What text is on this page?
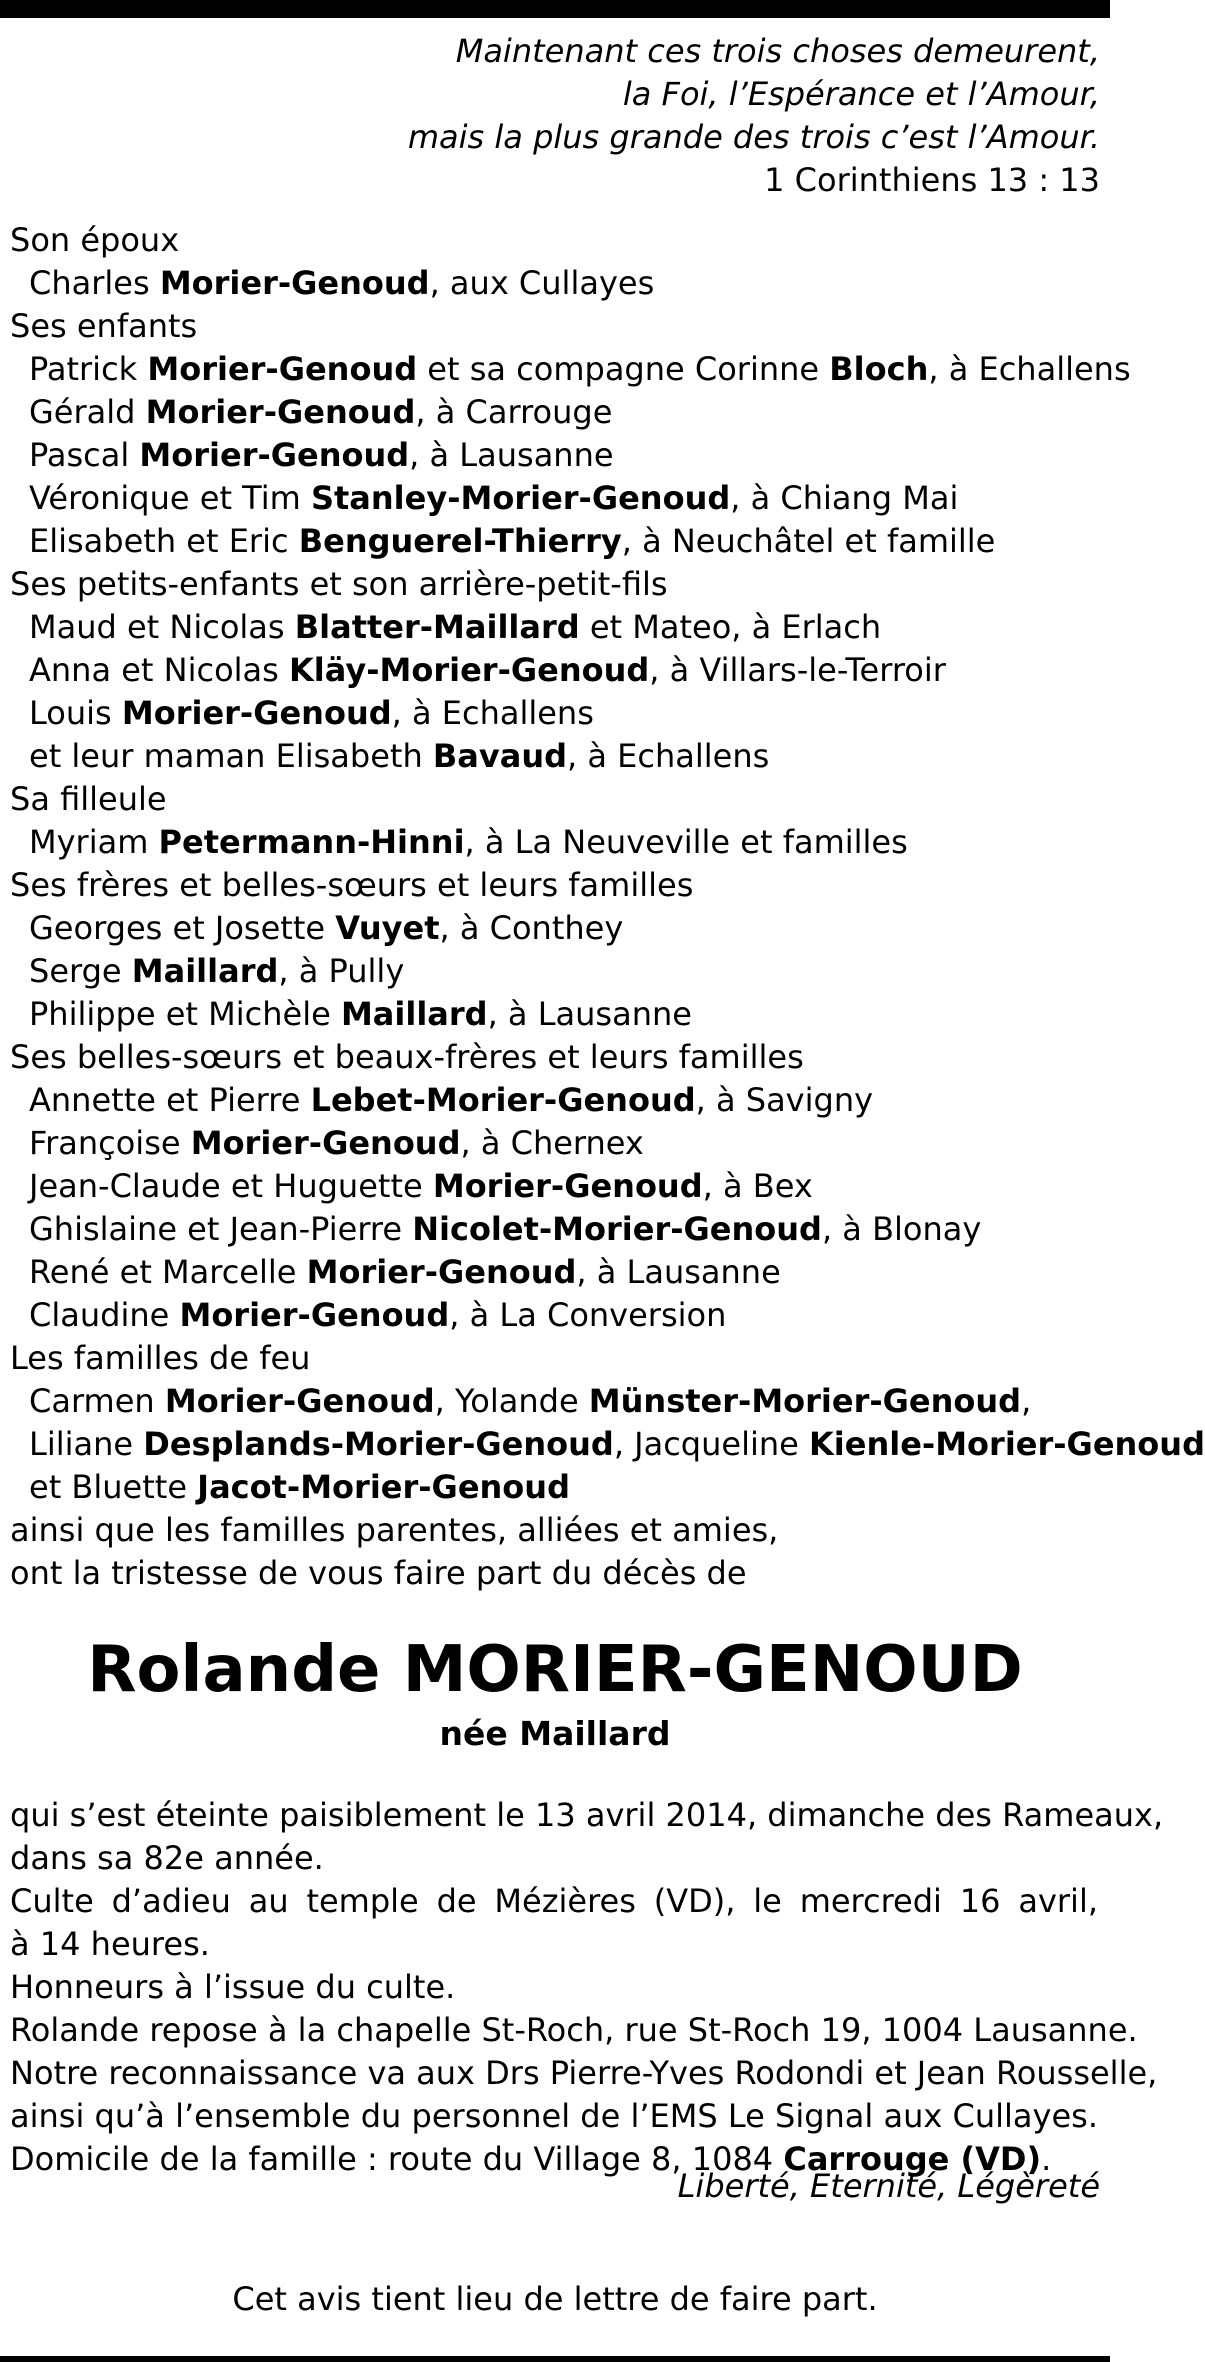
Maintenant ces trois choses demeurent,
la Foi, l’Espérance et l’Amour,
mais la plus grande des trois c’est l’Amour.
1 Corinthiens 13 : 13
Son époux
Charles Morier-Genoud, aux Cullayes
Ses enfants
Patrick Morier-Genoud et sa compagne Corinne Bloch, à Echallens
Gérald Morier-Genoud, à Carrouge
Pascal Morier-Genoud, à Lausanne
Véronique et Tim Stanley-Morier-Genoud, à Chiang Mai
Elisabeth et Eric Benguerel-Thierry, à Neuchâtel et famille
Ses petits-enfants et son arrière-petit-fils
Maud et Nicolas Blatter-Maillard et Mateo, à Erlach
Anna et Nicolas Kläy-Morier-Genoud, à Villars-le-Terroir
Louis Morier-Genoud, à Echallens
et leur maman Elisabeth Bavaud, à Echallens
Sa filleule
Myriam Petermann-Hinni, à La Neuveville et familles
Ses frères et belles-sœurs et leurs familles
Georges et Josette Vuyet, à Conthey
Serge Maillard, à Pully
Philippe et Michèle Maillard, à Lausanne
Ses belles-sœurs et beaux-frères et leurs familles
Annette et Pierre Lebet-Morier-Genoud, à Savigny
Françoise Morier-Genoud, à Chernex
Jean-Claude et Huguette Morier-Genoud, à Bex
Ghislaine et Jean-Pierre Nicolet-Morier-Genoud, à Blonay
René et Marcelle Morier-Genoud, à Lausanne
Claudine Morier-Genoud, à La Conversion
Les familles de feu
Carmen Morier-Genoud, Yolande Münster-Morier-Genoud,
Liliane Desplands-Morier-Genoud, Jacqueline Kienle-Morier-Genoud
et Bluette Jacot-Morier-Genoud
ainsi que les familles parentes, alliées et amies,
ont la tristesse de vous faire part du décès de
Rolande MORIER-GENOUD
née Maillard
qui s’est éteinte paisiblement le 13 avril 2014, dimanche des Rameaux,
dans sa 82e année.
Culte d’adieu au temple de Mézières (VD), le mercredi 16 avril,
à 14 heures.
Honneurs à l’issue du culte.
Rolande repose à la chapelle St-Roch, rue St-Roch 19, 1004 Lausanne.
Notre reconnaissance va aux Drs Pierre-Yves Rodondi et Jean Rousselle,
ainsi qu’à l’ensemble du personnel de l’EMS Le Signal aux Cullayes.
Domicile de la famille : route du Village 8, 1084 Carrouge (VD).
Liberté, Eternité, Légèreté
Cet avis tient lieu de lettre de faire part.
